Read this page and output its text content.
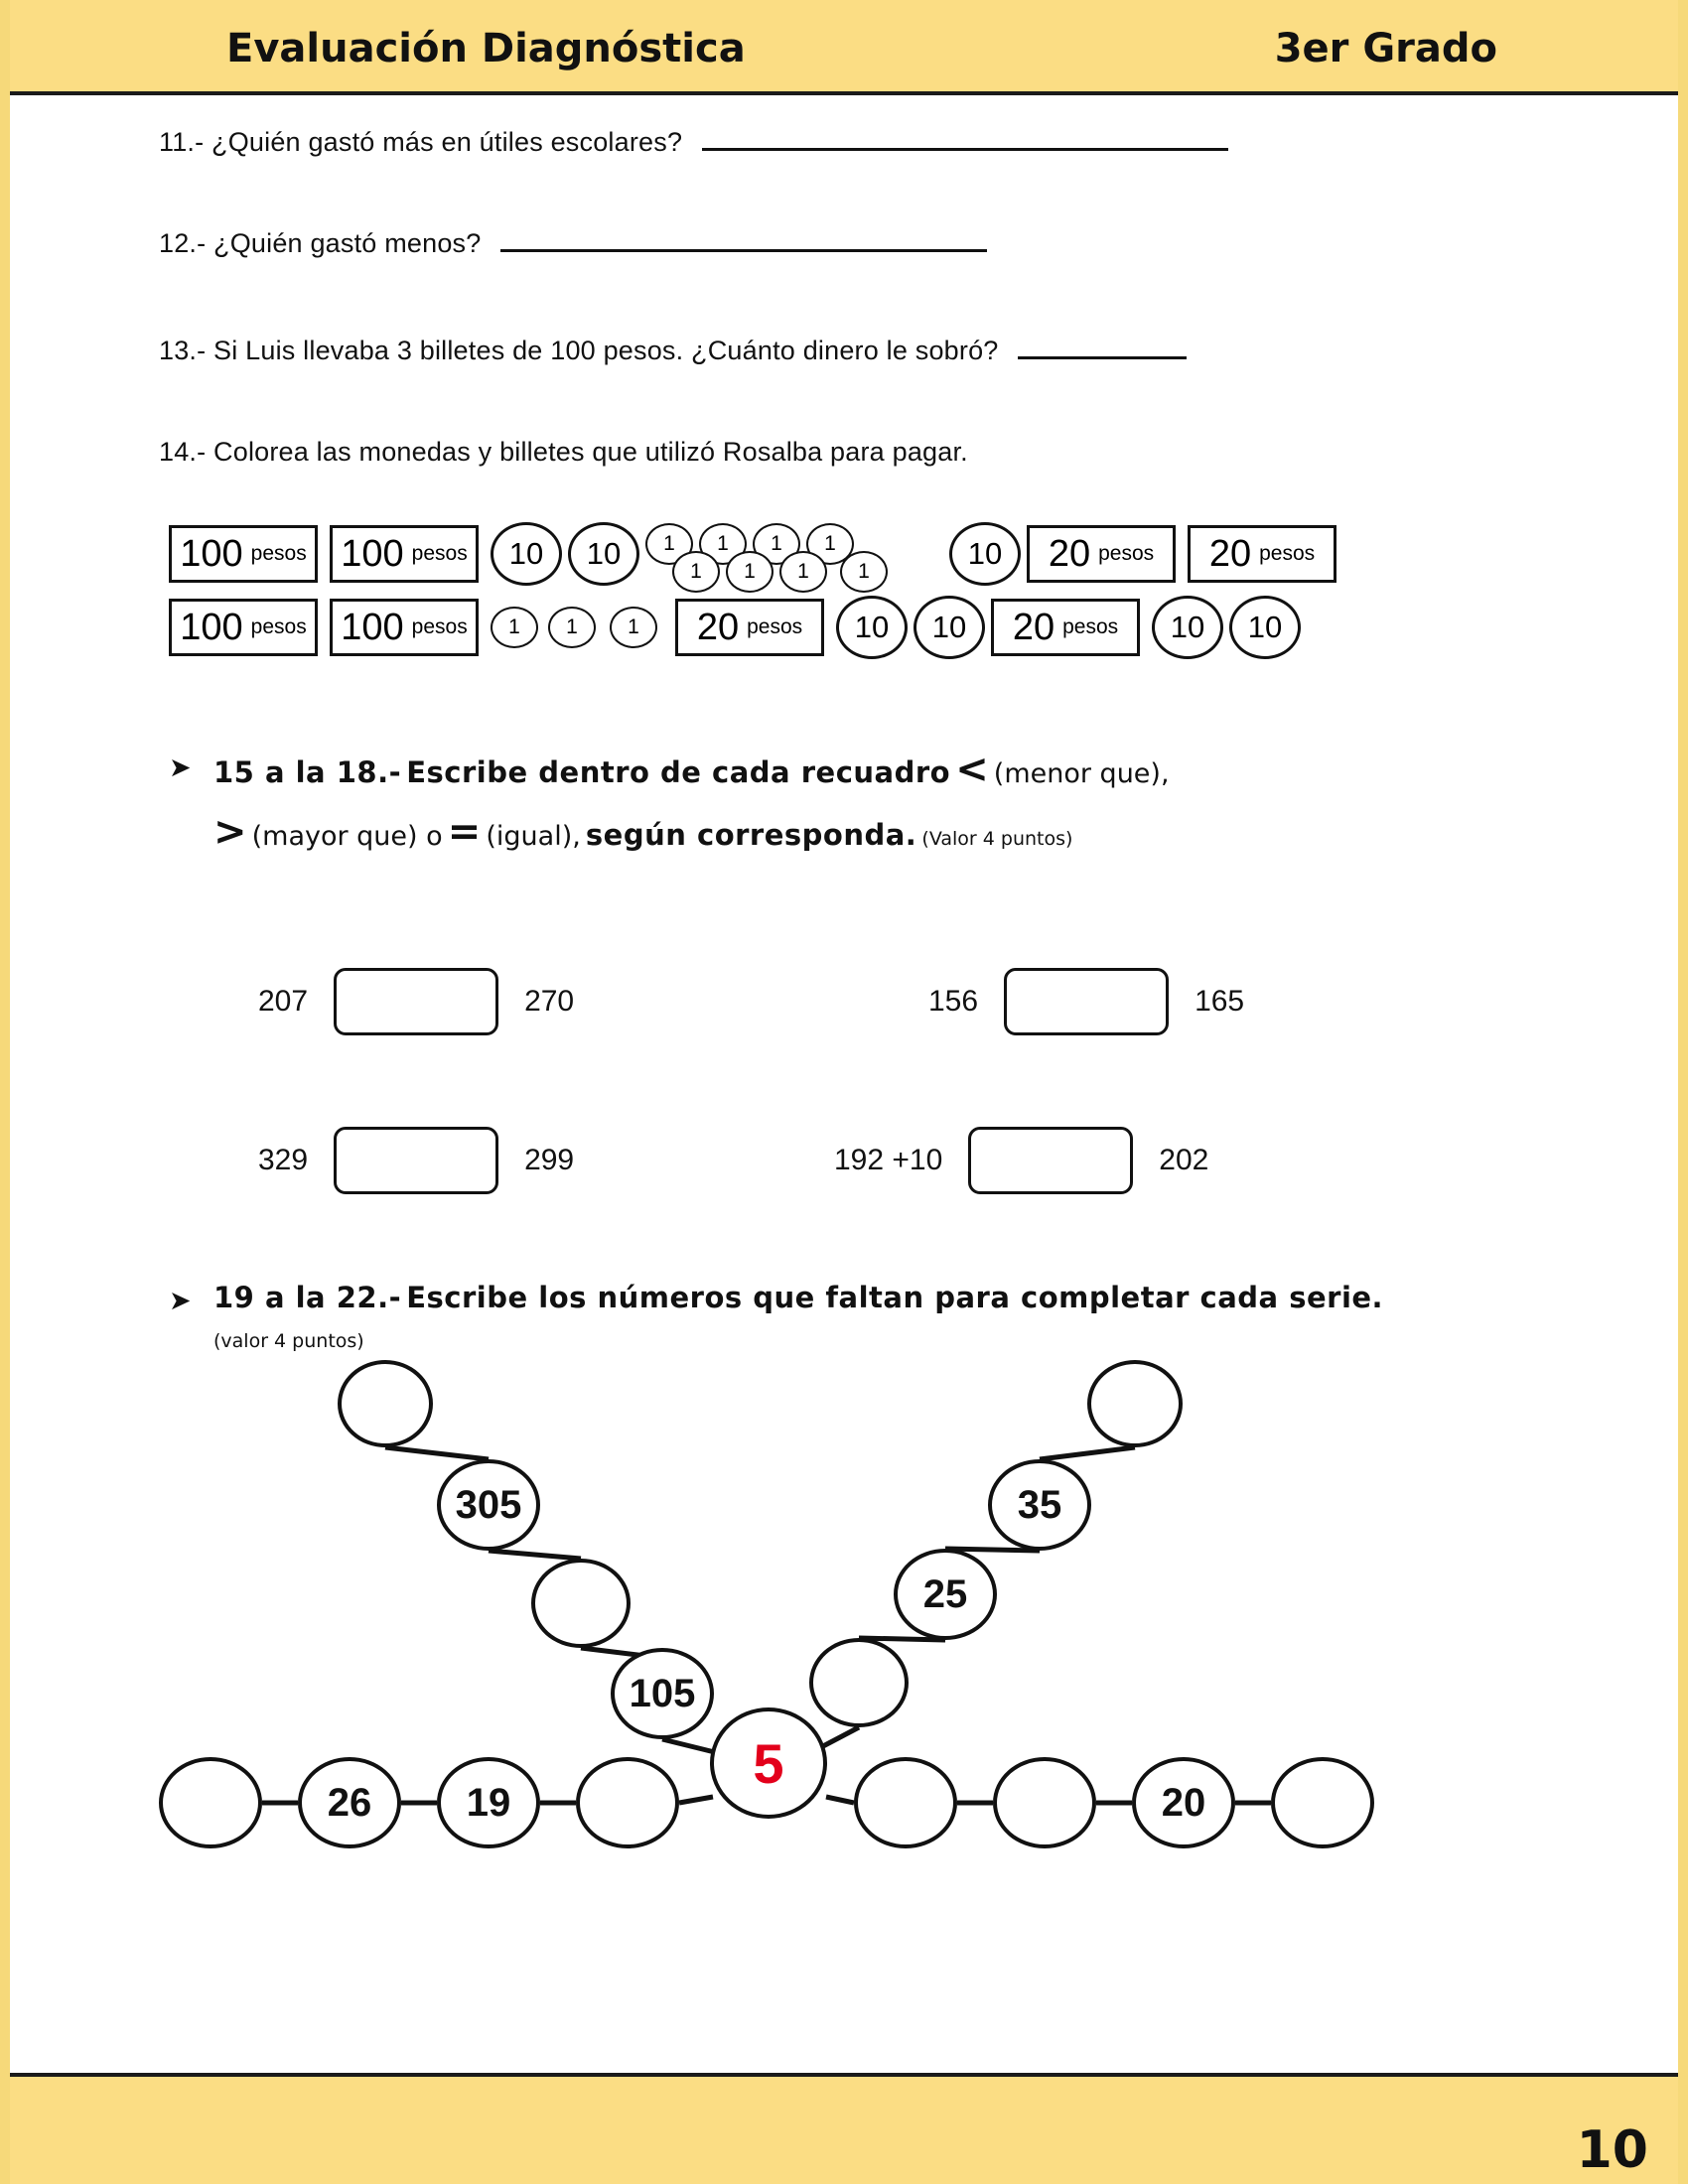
Evaluación Diagnóstica	3er Grado
11.- ¿Quién gastó más en útiles escolares?
12.- ¿Quién gastó menos?
13.- Si Luis llevaba 3 billetes de 100 pesos. ¿Cuánto dinero le sobró?
14.- Colorea las monedas y billetes que utilizó Rosalba para pagar.
100 pesos 100 pesos	10	10	1	1	1	1
1	1	1	1
10	20 pesos 20 pesos
100 pesos 100 pesos	1	1	1	20 pesos	10	10	20 pesos	10	10
➤ 15 a la 18.- Escribe dentro de cada recuadro < (menor que),
> (mayor que) o = (igual), según corresponda. (Valor 4 puntos)
207	270	156	165
329	299	192 +10	202
➤ 19 a la 22.- Escribe los números que faltan para completar cada serie.
(valor 4 puntos)
305
105
5
25
35
26	19	20
10
